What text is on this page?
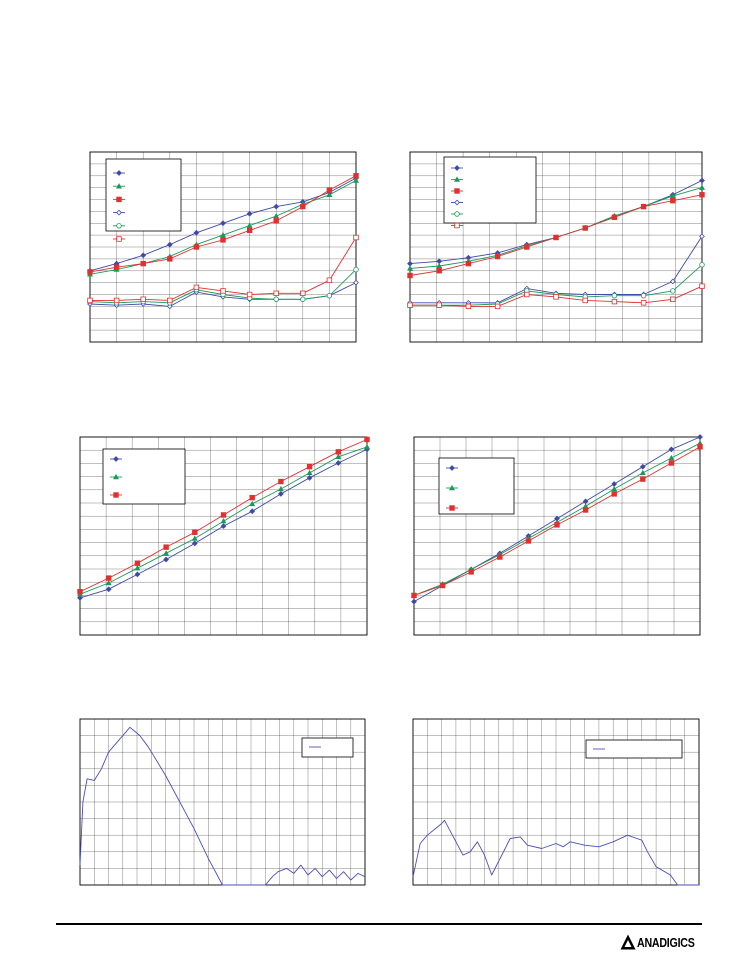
ANADIGICS
